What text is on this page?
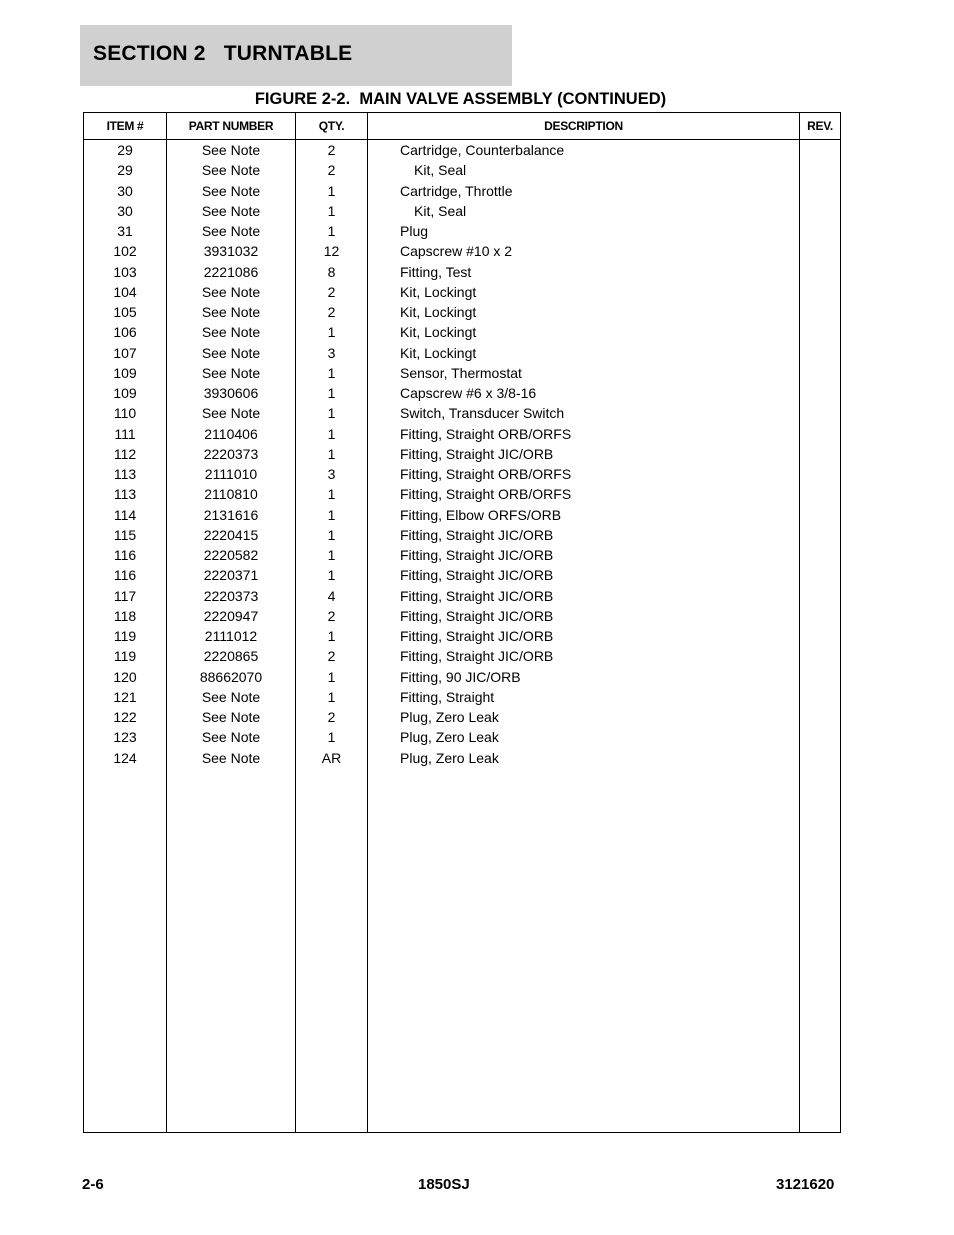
SECTION 2   TURNTABLE
FIGURE 2-2.  MAIN VALVE ASSEMBLY (CONTINUED)
ITEM #	PART NUMBER	QTY.	DESCRIPTION	REV.
29	See Note	2	Cartridge, Counterbalance
29	See Note	2	Kit, Seal
30	See Note	1	Cartridge, Throttle
30	See Note	1	Kit, Seal
31	See Note	1	Plug
102	3931032	12	Capscrew #10 x 2
103	2221086	8	Fitting, Test
104	See Note	2	Kit, Lockingt
105	See Note	2	Kit, Lockingt
106	See Note	1	Kit, Lockingt
107	See Note	3	Kit, Lockingt
109	See Note	1	Sensor, Thermostat
109	3930606	1	Capscrew #6 x 3/8-16
110	See Note	1	Switch, Transducer Switch
111	2110406	1	Fitting, Straight ORB/ORFS
112	2220373	1	Fitting, Straight JIC/ORB
113	2111010	3	Fitting, Straight ORB/ORFS
113	2110810	1	Fitting, Straight ORB/ORFS
114	2131616	1	Fitting, Elbow ORFS/ORB
115	2220415	1	Fitting, Straight JIC/ORB
116	2220582	1	Fitting, Straight JIC/ORB
116	2220371	1	Fitting, Straight JIC/ORB
117	2220373	4	Fitting, Straight JIC/ORB
118	2220947	2	Fitting, Straight JIC/ORB
119	2111012	1	Fitting, Straight JIC/ORB
119	2220865	2	Fitting, Straight JIC/ORB
120	88662070	1	Fitting, 90 JIC/ORB
121	See Note	1	Fitting, Straight
122	See Note	2	Plug, Zero Leak
123	See Note	1	Plug, Zero Leak
124	See Note	AR	Plug, Zero Leak
2-6	1850SJ	3121620
